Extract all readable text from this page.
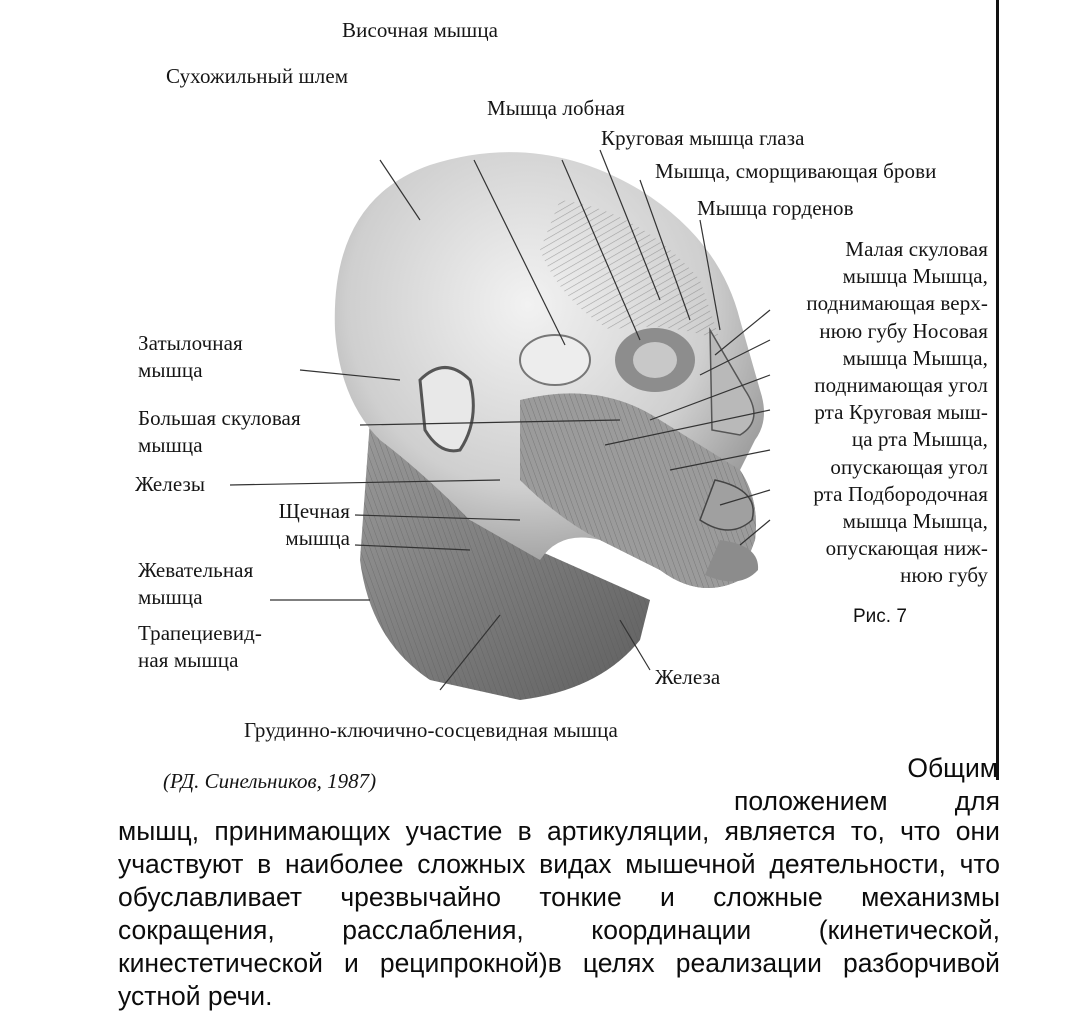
Височная мышца
Сухожильный шлем
Мышца лобная
Круговая мышца глаза
Мышца, сморщивающая брови
Мышца горденов
Малая скуловая
мышца Мышца,
поднимающая верх-
нюю губу Носовая
мышца Мышца,
поднимающая угол
рта Круговая мыш-
ца рта Мышца,
опускающая угол
рта Подбородочная
мышца Мышца,
опускающая ниж-
нюю губу
Затылочная
мышца
Большая скуловая
мышца
Железы
Щечная
мышца
Жевательная
мышца
Трапециевид-
ная мышца
Железа
Грудинно-ключично-сосцевидная мышца
Рис. 7
(РД. Синельников, 1987)	Общим
положением	для
мышц, принимающих участие в артикуляции, является то, что они участвуют в наиболее сложных видах мышечной деятельности, что обуславливает чрезвычайно тонкие и сложные механизмы сокращения, расслабления, координации (кинетической, кинестетической и реципрокной)в целях реализации разборчивой устной речи.
